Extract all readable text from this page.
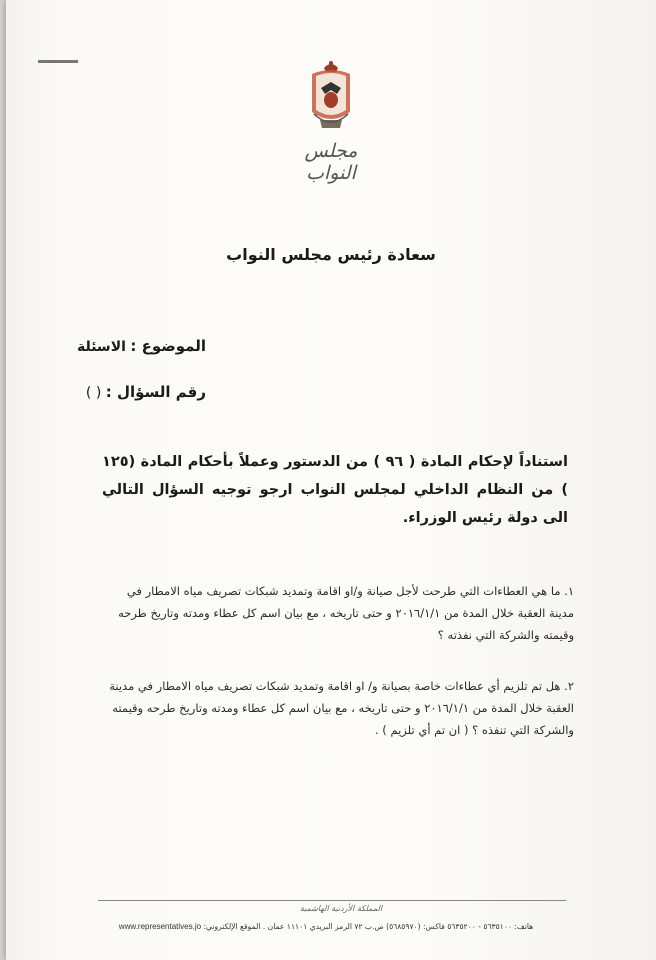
مجلس النواب
سعادة رئيس مجلس النواب
الموضوع : الاسئلة
رقم السؤال : ( )
استناداً لإحكام المادة ( ٩٦ ) من الدستور وعملاً بأحكام المادة (١٢٥ ) من النظام الداخلي لمجلس النواب ارجو توجيه السؤال التالي الى دولة رئيس الوزراء.
١. ما هي العطاءات التي طرحت لأجل صيانة و/او اقامة وتمديد شبكات تصريف مياه الامطار في مدينة العقبة خلال المدة من ٢٠١٦/١/١ و حتى تاريخه ، مع بيان اسم كل عطاء ومدته وتاريخ طرحه وقيمته والشركة التي نفذته ؟
٢. هل تم تلزيم أي عطاءات خاصة بصيانة و/ او اقامة وتمديد شبكات تصريف مياه الامطار في مدينة العقبة خلال المدة من ٢٠١٦/١/١ و حتى تاريخه ، مع بيان اسم كل عطاء ومدته وتاريخ طرحه وقيمته والشركة التي تنفذه ؟ ( ان تم أي تلزيم ) .
المملكة الأردنية الهاشمية
هاتف: ٥٦٣٥١٠٠ - ٥٦٣٥٢٠٠ فاكس: (٥٦٨٥٩٧٠) ص.ب ٧٢ الرمز البريدي ١١١٠١ عمان . الموقع الإلكتروني: www.representatives.jo
